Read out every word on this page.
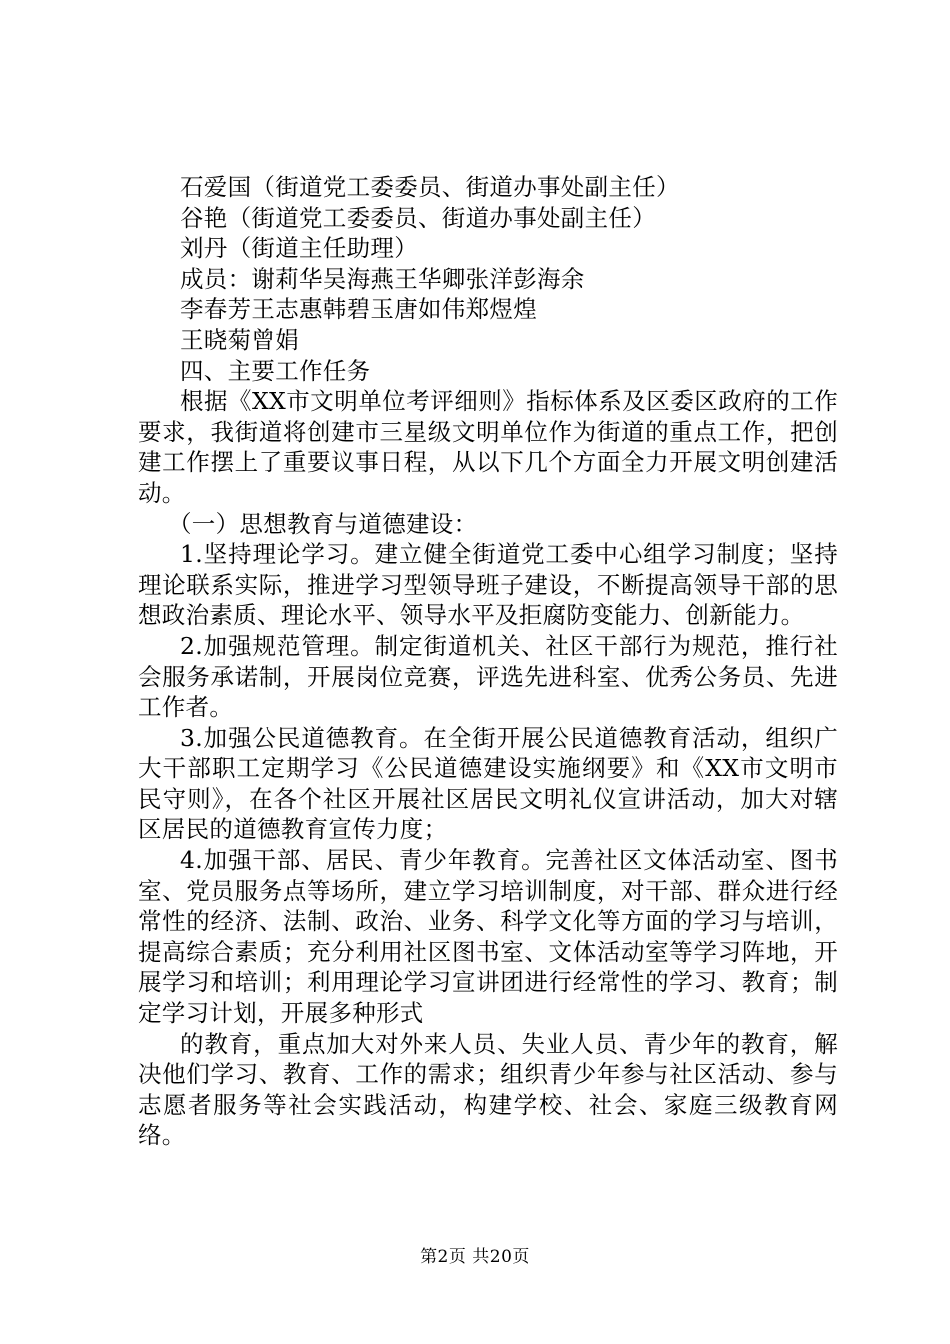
石爱国（街道党工委委员、街道办事处副主任）
谷艳（街道党工委委员、街道办事处副主任）
刘丹（街道主任助理）
成员：谢莉华吴海燕王华卿张洋彭海余
李春芳王志惠韩碧玉唐如伟郑煜煌
王晓菊曾娟
四、主要工作任务
根据《XX市文明单位考评细则》指标体系及区委区政府的工作要求，我街道将创建市三星级文明单位作为街道的重点工作，把创建工作摆上了重要议事日程，从以下几个方面全力开展文明创建活动。
（一）思想教育与道德建设：
1.坚持理论学习。建立健全街道党工委中心组学习制度；坚持理论联系实际，推进学习型领导班子建设，不断提高领导干部的思想政治素质、理论水平、领导水平及拒腐防变能力、创新能力。
2.加强规范管理。制定街道机关、社区干部行为规范，推行社会服务承诺制，开展岗位竞赛，评选先进科室、优秀公务员、先进工作者。
3.加强公民道德教育。在全街开展公民道德教育活动，组织广大干部职工定期学习《公民道德建设实施纲要》和《XX市文明市民守则》，在各个社区开展社区居民文明礼仪宣讲活动，加大对辖区居民的道德教育宣传力度；
4.加强干部、居民、青少年教育。完善社区文体活动室、图书室、党员服务点等场所，建立学习培训制度，对干部、群众进行经常性的经济、法制、政治、业务、科学文化等方面的学习与培训，提高综合素质；充分利用社区图书室、文体活动室等学习阵地，开展学习和培训；利用理论学习宣讲团进行经常性的学习、教育；制定学习计划，开展多种形式
的教育，重点加大对外来人员、失业人员、青少年的教育，解决他们学习、教育、工作的需求；组织青少年参与社区活动、参与志愿者服务等社会实践活动，构建学校、社会、家庭三级教育网络。
第2页 共20页
